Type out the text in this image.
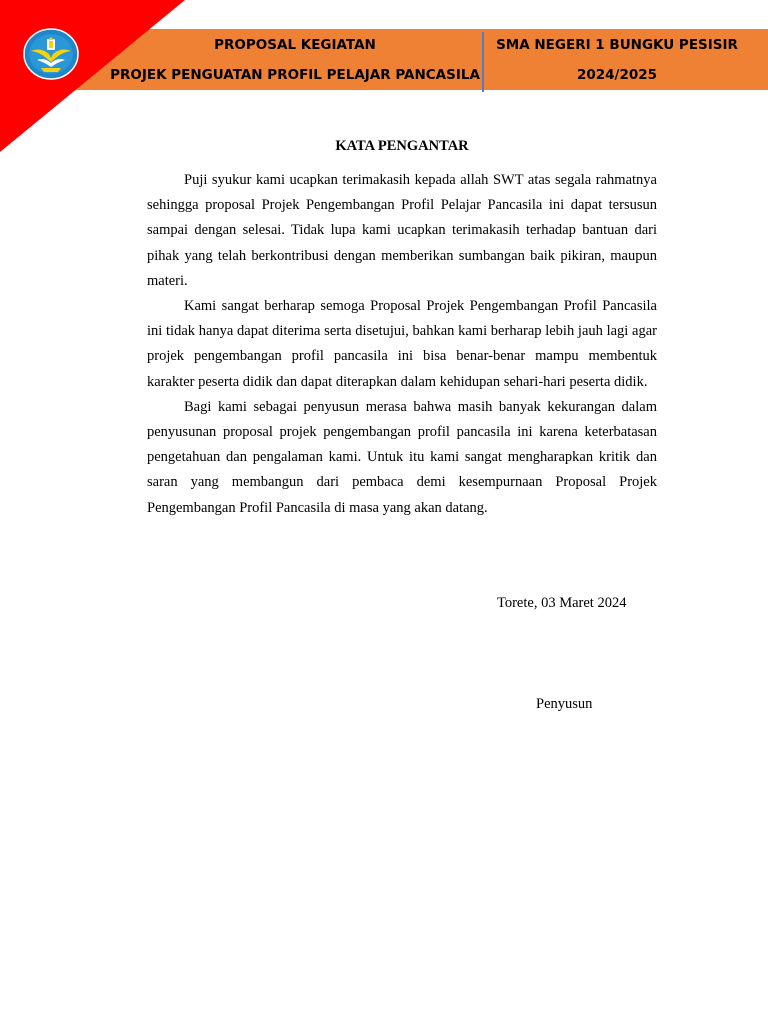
PROPOSAL KEGIATAN
PROJEK PENGUATAN PROFIL PELAJAR PANCASILA
SMA NEGERI 1 BUNGKU PESISIR
2024/2025
KATA PENGANTAR

Puji syukur kami ucapkan terimakasih kepada allah SWT atas segala rahmatnya sehingga proposal Projek Pengembangan Profil Pelajar Pancasila ini dapat tersusun sampai dengan selesai. Tidak lupa kami ucapkan terimakasih terhadap bantuan dari pihak yang telah berkontribusi dengan memberikan sumbangan baik pikiran, maupun materi.

Kami sangat berharap semoga Proposal Projek Pengembangan Profil Pancasila ini tidak hanya dapat diterima serta disetujui, bahkan kami berharap lebih jauh lagi agar projek pengembangan profil pancasila ini bisa benar-benar mampu membentuk karakter peserta didik dan dapat diterapkan dalam kehidupan sehari-hari peserta didik.

Bagi kami sebagai penyusun merasa bahwa masih banyak kekurangan dalam penyusunan proposal projek pengembangan profil pancasila ini karena keterbatasan pengetahuan dan pengalaman kami. Untuk itu kami sangat mengharapkan kritik dan saran yang membangun dari pembaca demi kesempurnaan Proposal Projek Pengembangan Profil Pancasila di masa yang akan datang.

Torete, 03 Maret 2024
Penyusun
